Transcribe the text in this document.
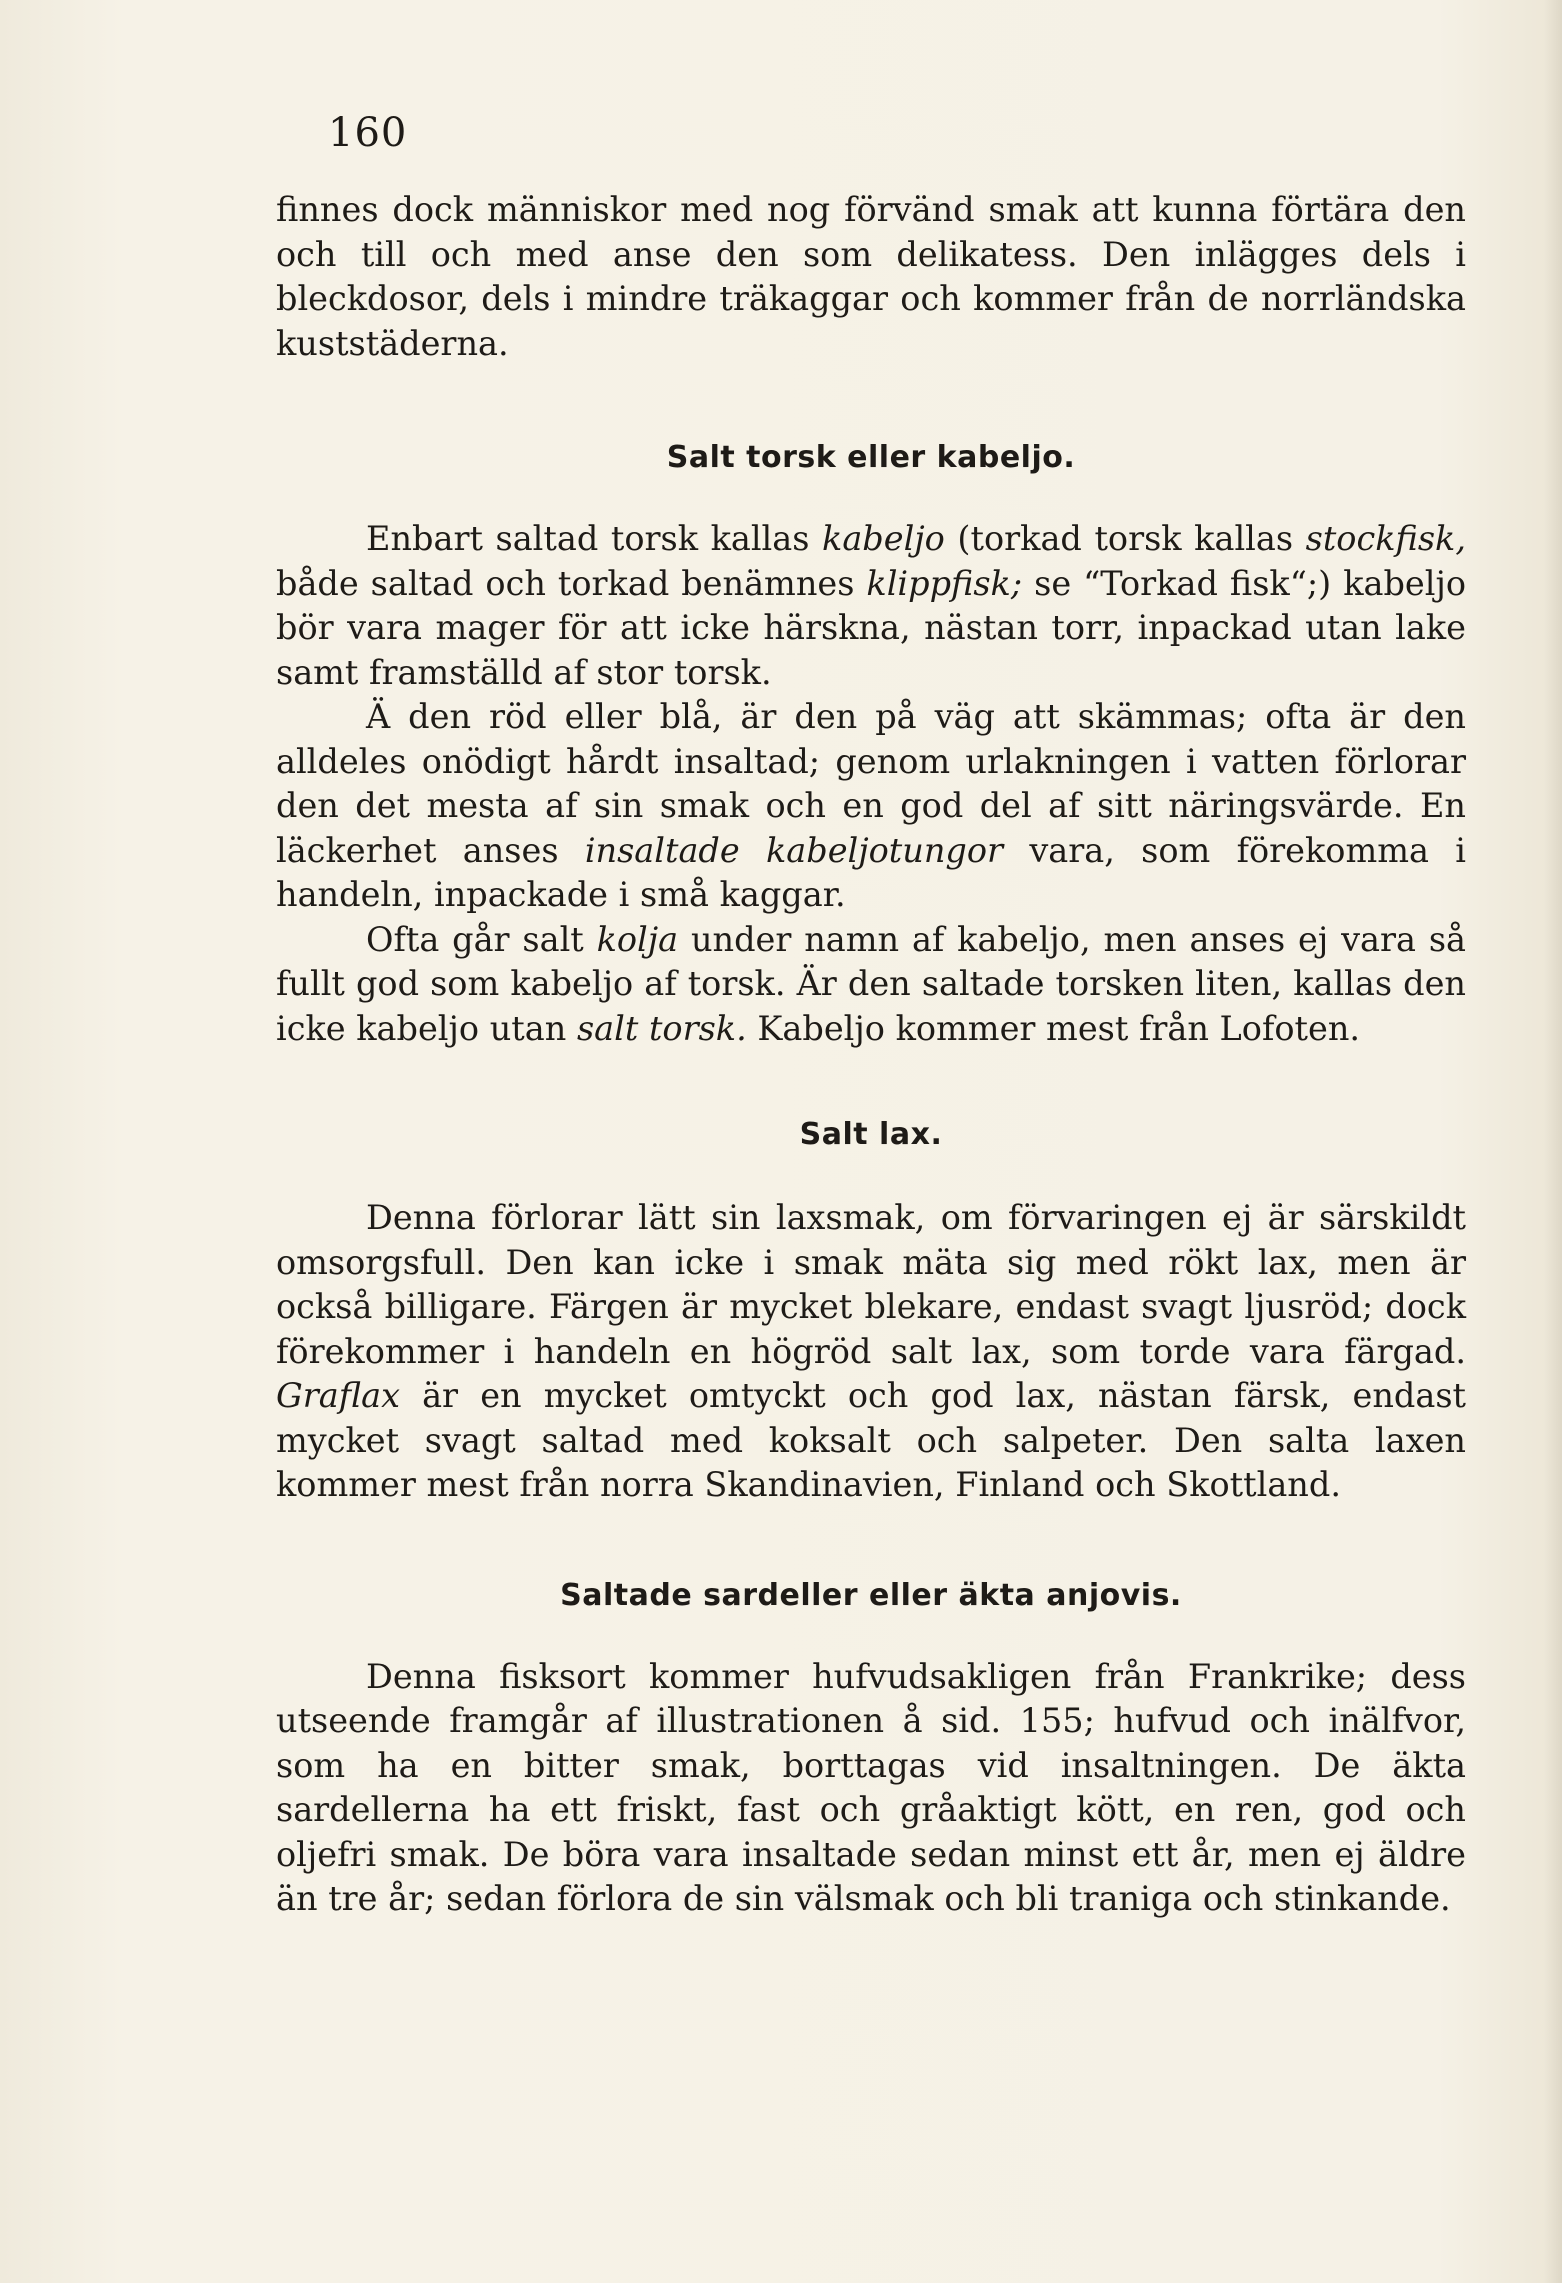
160

finnes dock människor med nog förvänd smak att kunna förtära den och till och med anse den som delikatess. Den inlägges dels i bleckdosor, dels i mindre träkaggar och kommer från de norrländska kuststäderna.

Salt torsk eller kabeljo.

Enbart saltad torsk kallas kabeljo (torkad torsk kallas stockfisk, både saltad och torkad benämnes klippfisk; se “Torkad fisk“;) kabeljo bör vara mager för att icke härskna, nästan torr, inpackad utan lake samt framställd af stor torsk.

Ä den röd eller blå, är den på väg att skämmas; ofta är den alldeles onödigt hårdt insaltad; genom urlakningen i vatten förlorar den det mesta af sin smak och en god del af sitt näringsvärde. En läckerhet anses insaltade kabeljotungor vara, som förekomma i handeln, inpackade i små kaggar.

Ofta går salt kolja under namn af kabeljo, men anses ej vara så fullt god som kabeljo af torsk. Är den saltade torsken liten, kallas den icke kabeljo utan salt torsk. Kabeljo kommer mest från Lofoten.

Salt lax.

Denna förlorar lätt sin laxsmak, om förvaringen ej är särskildt omsorgsfull. Den kan icke i smak mäta sig med rökt lax, men är också billigare. Färgen är mycket blekare, endast svagt ljusröd; dock förekommer i handeln en högröd salt lax, som torde vara färgad. Graflax är en mycket omtyckt och god lax, nästan färsk, endast mycket svagt saltad med koksalt och salpeter. Den salta laxen kommer mest från norra Skandinavien, Finland och Skottland.

Saltade sardeller eller äkta anjovis.

Denna fisksort kommer hufvudsakligen från Frankrike; dess utseende framgår af illustrationen å sid. 155; hufvud och inälfvor, som ha en bitter smak, borttagas vid insaltningen. De äkta sardellerna ha ett friskt, fast och gråaktigt kött, en ren, god och oljefri smak. De böra vara insaltade sedan minst ett år, men ej äldre än tre år; sedan förlora de sin välsmak och bli traniga och stinkande.
